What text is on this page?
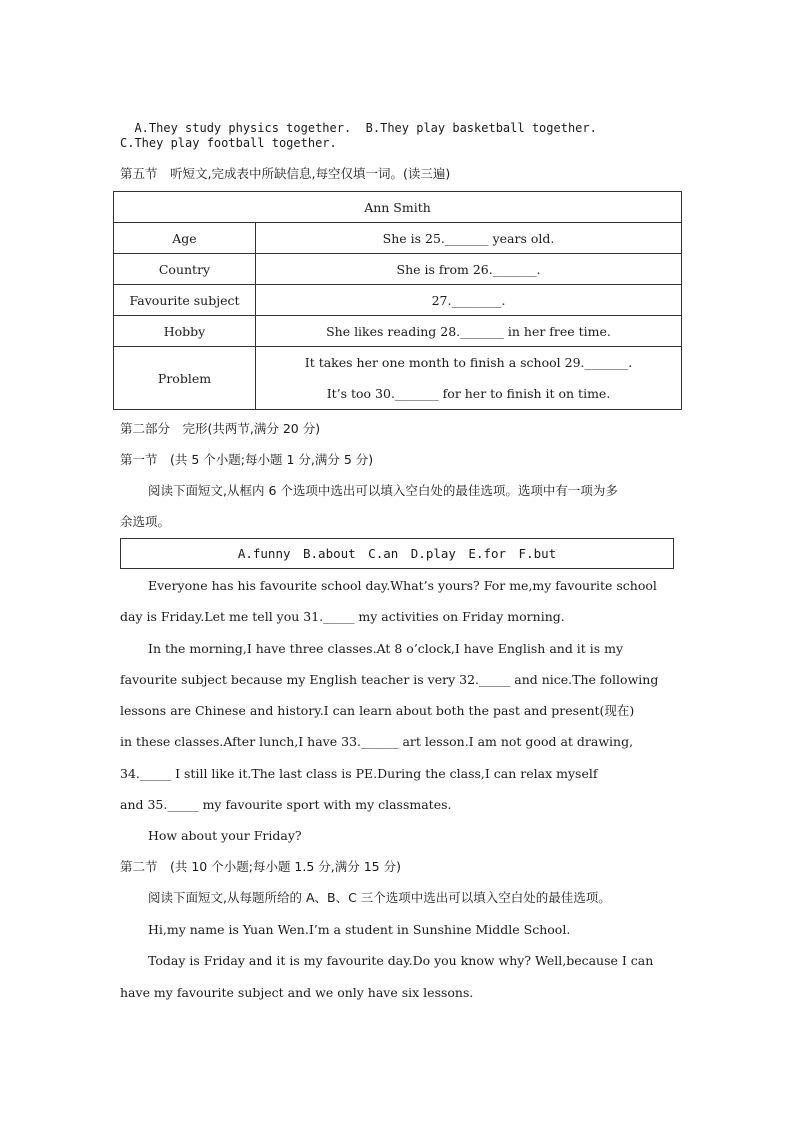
A.They study physics together. B.They play basketball together.

C.They play football together.
第五节　听短文,完成表中所缺信息,每空仅填一词。(读三遍)
Ann Smith	
Age	She is 25._______ years old.
Country	She is from 26._______.
Favourite subject	27.________.
Hobby	She likes reading 28._______ in her free time.
Problem	It takes her one month to finish a school 29._______.
It’s too 30._______ for her to finish it on time.
第二部分　完形(共两节,满分 20 分)
第一节　(共 5 个小题;每小题 1 分,满分 5 分)
阅读下面短文,从框内 6 个选项中选出可以填入空白处的最佳选项。选项中有一项为多
余选项。
A.funny　B.about　C.an　D.play　E.for　F.but
Everyone has his favourite school day.What’s yours? For me,my favourite school
day is Friday.Let me tell you 31._____ my activities on Friday morning.
In the morning,I have three classes.At 8 o’clock,I have English and it is my
favourite subject because my English teacher is very 32._____ and nice.The following
lessons are Chinese and history.I can learn about both the past and present(现在)
in these classes.After lunch,I have 33.______ art lesson.I am not good at drawing,
34._____ I still like it.The last class is PE.During the class,I can relax myself
and 35._____ my favourite sport with my classmates.
How about your Friday?
第二节　(共 10 个小题;每小题 1.5 分,满分 15 分)
阅读下面短文,从每题所给的 A、B、C 三个选项中选出可以填入空白处的最佳选项。
Hi,my name is Yuan Wen.I’m a student in Sunshine Middle School.
Today is Friday and it is my favourite day.Do you know why? Well,because I can
have my favourite subject and we only have six lessons.
